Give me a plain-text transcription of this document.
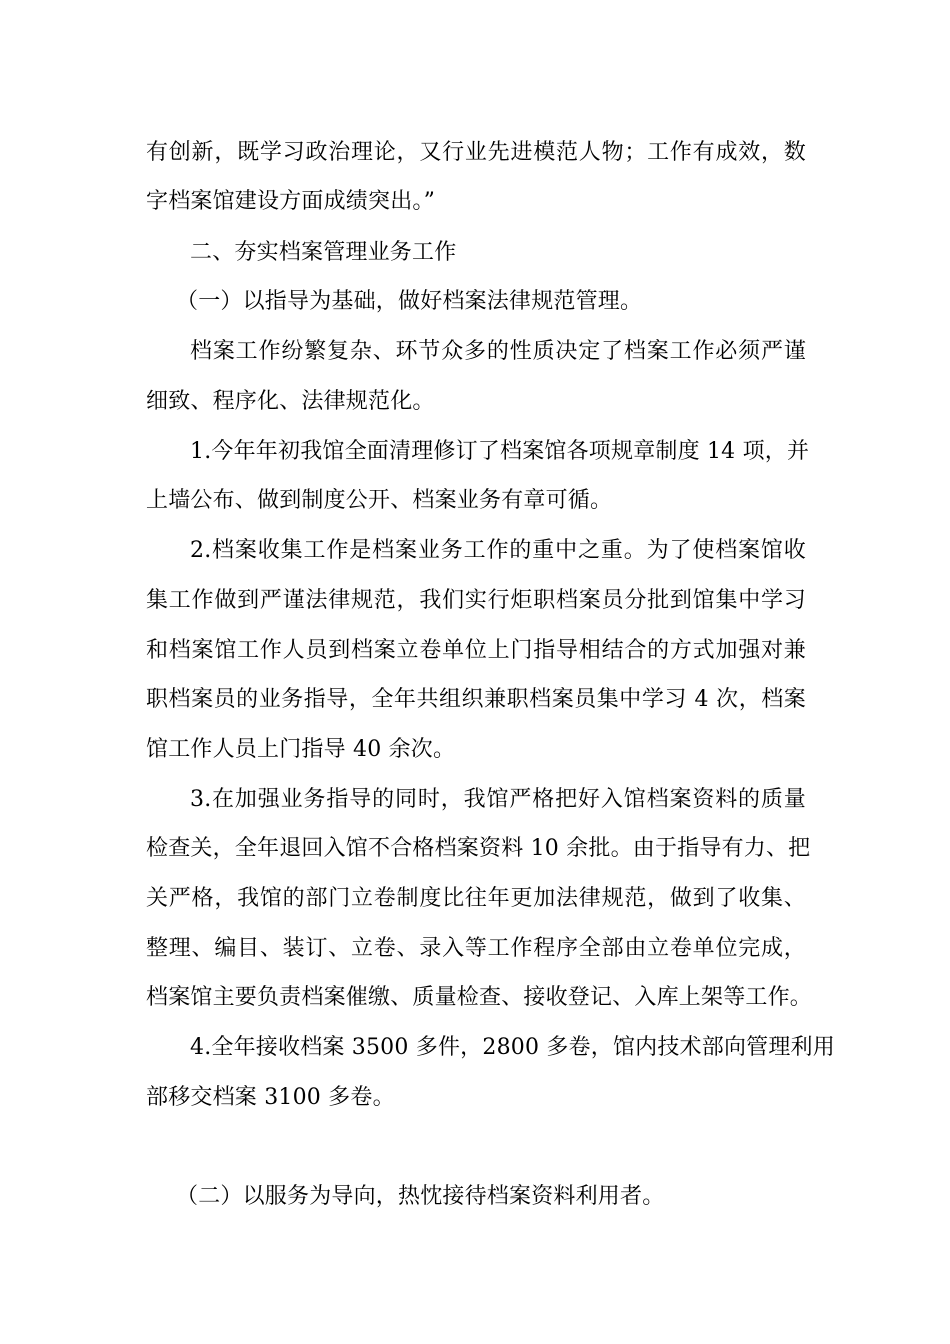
有创新，既学习政治理论，又行业先进模范人物；工作有成效，数
字档案馆建设方面成绩突出。”
二、夯实档案管理业务工作
（一）以指导为基础，做好档案法律规范管理。
档案工作纷繁复杂、环节众多的性质决定了档案工作必须严谨
细致、程序化、法律规范化。
1.今年年初我馆全面清理修订了档案馆各项规章制度 14 项，并
上墙公布、做到制度公开、档案业务有章可循。
2.档案收集工作是档案业务工作的重中之重。为了使档案馆收
集工作做到严谨法律规范，我们实行炬职档案员分批到馆集中学习
和档案馆工作人员到档案立卷单位上门指导相结合的方式加强对兼
职档案员的业务指导，全年共组织兼职档案员集中学习 4 次，档案
馆工作人员上门指导 40 余次。
3.在加强业务指导的同时，我馆严格把好入馆档案资料的质量
检查关，全年退回入馆不合格档案资料 10 余批。由于指导有力、把
关严格，我馆的部门立卷制度比往年更加法律规范，做到了收集、
整理、编目、装订、立卷、录入等工作程序全部由立卷单位完成，
档案馆主要负责档案催缴、质量检查、接收登记、入库上架等工作。
4.全年接收档案 3500 多件，2800 多卷，馆内技术部向管理利用
部移交档案 3100 多卷。
（二）以服务为导向，热忱接待档案资料利用者。
